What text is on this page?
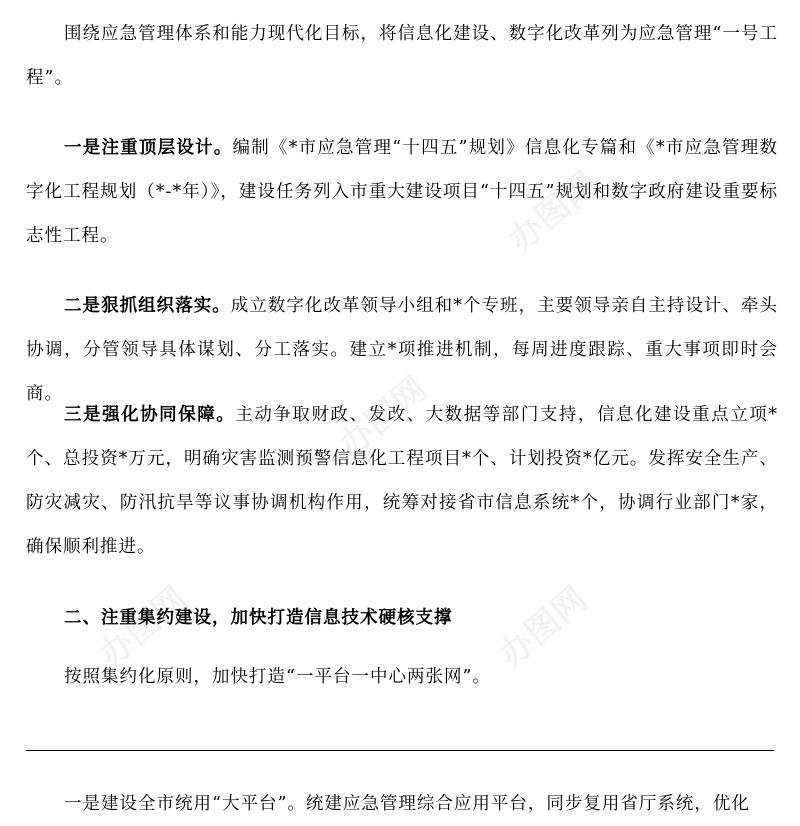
围绕应急管理体系和能力现代化目标，将信息化建设、数字化改革列为应急管理“一号工程”。

一是注重顶层设计。编制《*市应急管理“十四五”规划》信息化专篇和《*市应急管理数字化工程规划（*-*年）》，建设任务列入市重大建设项目“十四五”规划和数字政府建设重要标志性工程。

二是狠抓组织落实。成立数字化改革领导小组和*个专班，主要领导亲自主持设计、牵头协调，分管领导具体谋划、分工落实。建立*项推进机制，每周进度跟踪、重大事项即时会商。

三是强化协同保障。主动争取财政、发改、大数据等部门支持，信息化建设重点立项*个、总投资*万元，明确灾害监测预警信息化工程项目*个、计划投资*亿元。发挥安全生产、防灾减灾、防汛抗旱等议事协调机构作用，统筹对接省市信息系统*个，协调行业部门*家，确保顺利推进。

二、注重集约建设，加快打造信息技术硬核支撑

按照集约化原则，加快打造“一平台一中心两张网”。

一是建设全市统用“大平台”。统建应急管理综合应用平台，同步复用省厅系统，优化
办图网
办图网
办图网
办图网
